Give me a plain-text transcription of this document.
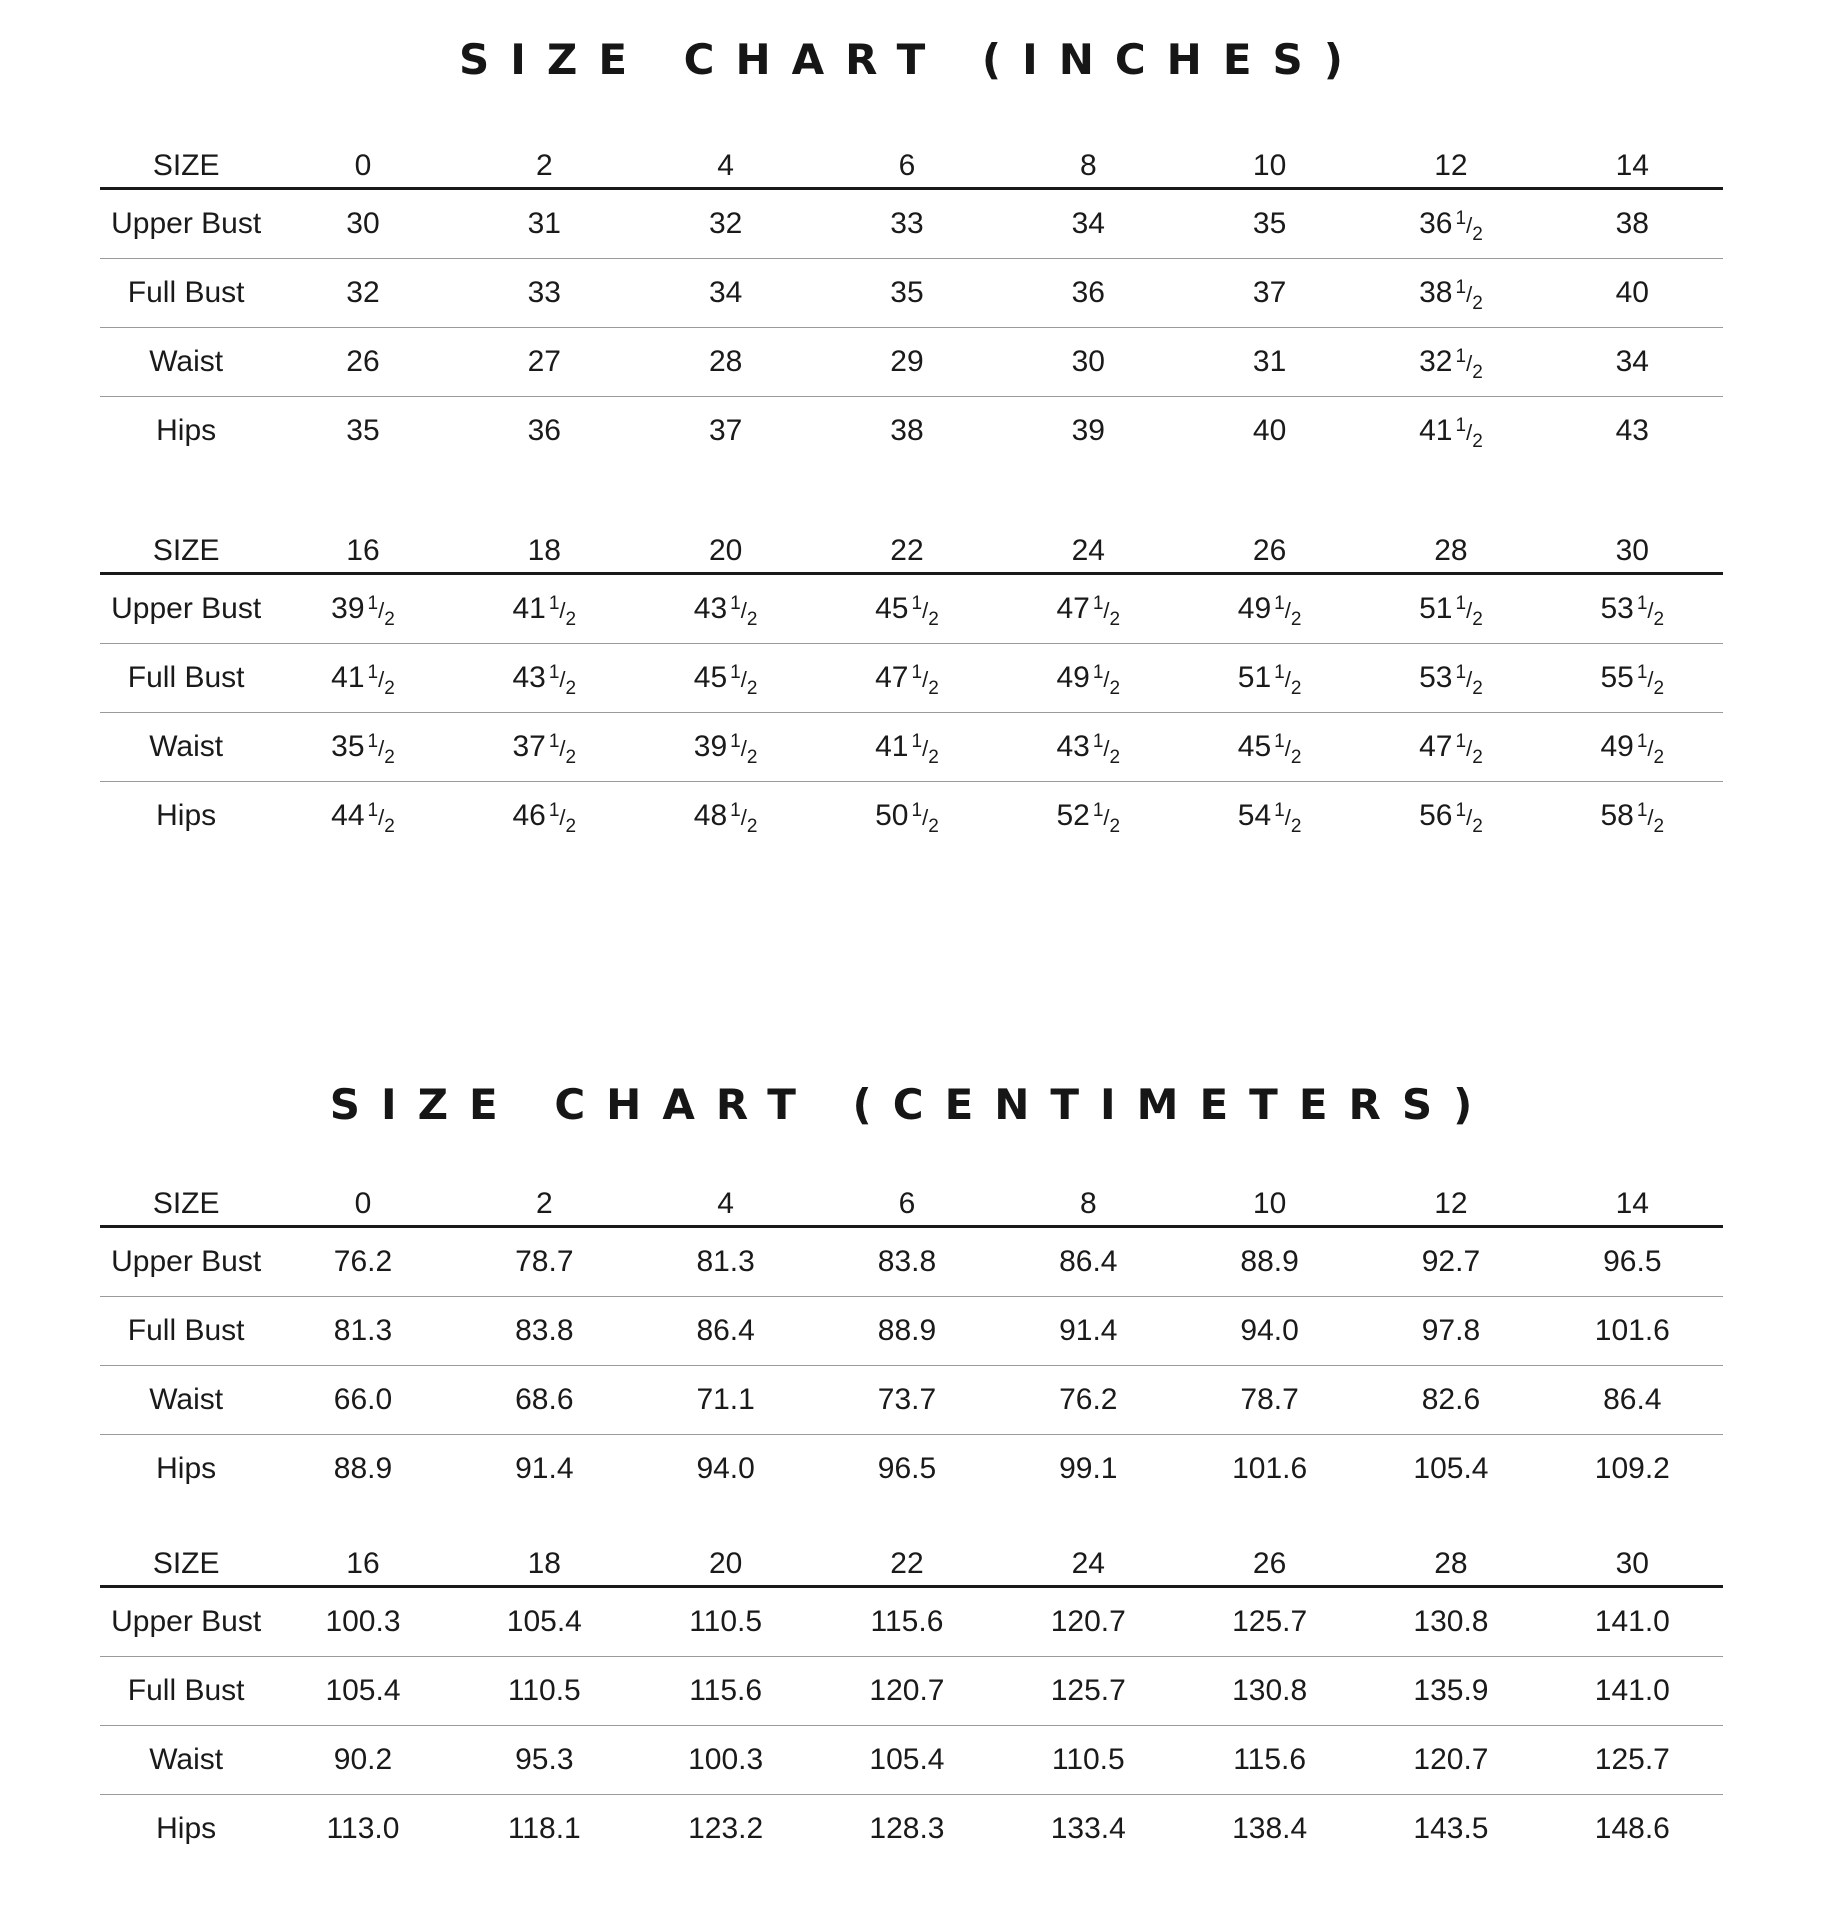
SIZE CHART (INCHES)
SIZE	0	2	4	6	8	10	12	14
Upper Bust	30	31	32	33	34	35	36 $^1/_2$	38
Full Bust	32	33	34	35	36	37	38 $^1/_2$	40
Waist	26	27	28	29	30	31	32 $^1/_2$	34
Hips	35	36	37	38	39	40	41 $^1/_2$	43
SIZE	16	18	20	22	24	26	28	30
Upper Bust	39 $^1/_2$	41 $^1/_2$	43 $^1/_2$	45 $^1/_2$	47 $^1/_2$	49 $^1/_2$	51 $^1/_2$	53 $^1/_2$
Full Bust	41 $^1/_2$	43 $^1/_2$	45 $^1/_2$	47 $^1/_2$	49 $^1/_2$	51 $^1/_2$	53 $^1/_2$	55 $^1/_2$
Waist	35 $^1/_2$	37 $^1/_2$	39 $^1/_2$	41 $^1/_2$	43 $^1/_2$	45 $^1/_2$	47 $^1/_2$	49 $^1/_2$
Hips	44 $^1/_2$	46 $^1/_2$	48 $^1/_2$	50 $^1/_2$	52 $^1/_2$	54 $^1/_2$	56 $^1/_2$	58 $^1/_2$
SIZE CHART (CENTIMETERS)
SIZE	0	2	4	6	8	10	12	14
Upper Bust	76.2	78.7	81.3	83.8	86.4	88.9	92.7	96.5
Full Bust	81.3	83.8	86.4	88.9	91.4	94.0	97.8	101.6
Waist	66.0	68.6	71.1	73.7	76.2	78.7	82.6	86.4
Hips	88.9	91.4	94.0	96.5	99.1	101.6	105.4	109.2
SIZE	16	18	20	22	24	26	28	30
Upper Bust	100.3	105.4	110.5	115.6	120.7	125.7	130.8	141.0
Full Bust	105.4	110.5	115.6	120.7	125.7	130.8	135.9	141.0
Waist	90.2	95.3	100.3	105.4	110.5	115.6	120.7	125.7
Hips	113.0	118.1	123.2	128.3	133.4	138.4	143.5	148.6
